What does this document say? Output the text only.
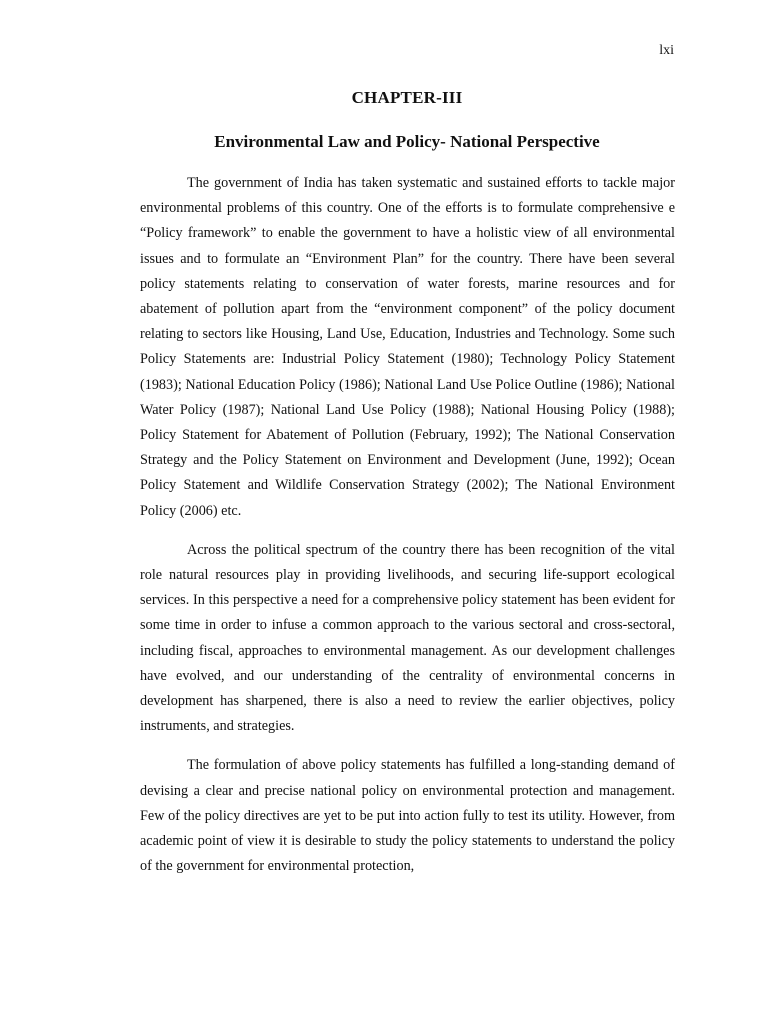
lxi
CHAPTER-III
Environmental Law and Policy- National Perspective

The government of India has taken systematic and sustained efforts to tackle major environmental problems of this country. One of the efforts is to formulate comprehensive e “Policy framework” to enable the government to have a holistic view of all environmental issues and to formulate an “Environment Plan” for the country. There have been several policy statements relating to conservation of water forests, marine resources and for abatement of pollution apart from the “environment component” of the policy document relating to sectors like Housing, Land Use, Education, Industries and Technology. Some such Policy Statements are: Industrial Policy Statement (1980); Technology Policy Statement (1983); National Education Policy (1986); National Land Use Police Outline (1986); National Water Policy (1987); National Land Use Policy (1988); National Housing Policy (1988); Policy Statement for Abatement of Pollution (February, 1992); The National Conservation Strategy and the Policy Statement on Environment and Development (June, 1992); Ocean Policy Statement and Wildlife Conservation Strategy (2002); The National Environment Policy (2006) etc.

Across the political spectrum of the country there has been recognition of the vital role natural resources play in providing livelihoods, and securing life-support ecological services. In this perspective a need for a comprehensive policy statement has been evident for some time in order to infuse a common approach to the various sectoral and cross-sectoral, including fiscal, approaches to environmental management. As our development challenges have evolved, and our understanding of the centrality of environmental concerns in development has sharpened, there is also a need to review the earlier objectives, policy instruments, and strategies.

The formulation of above policy statements has fulfilled a long-standing demand of devising a clear and precise national policy on environmental protection and management. Few of the policy directives are yet to be put into action fully to test its utility. However, from academic point of view it is desirable to study the policy statements to understand the policy of the government for environmental protection,
